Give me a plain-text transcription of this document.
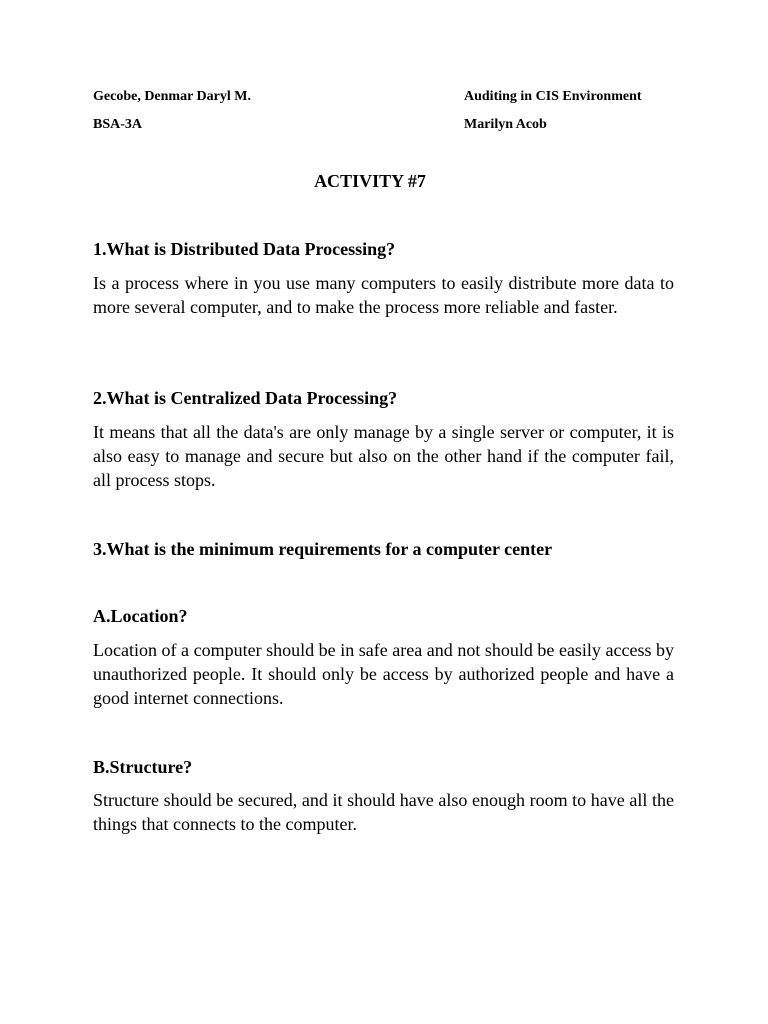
Gecobe, Denmar Daryl M.	Auditing in CIS Environment
BSA-3A	Marilyn Acob
ACTIVITY #7
1.What is Distributed Data Processing?
Is a process where in you use many computers to easily distribute more data to more several computer, and to make the process more reliable and faster.
2.What is Centralized Data Processing?
It means that all the data's are only manage by a single server or computer, it is also easy to manage and secure but also on the other hand if the computer fail, all process stops.
3.What is the minimum requirements for a computer center
A.Location?
Location of a computer should be in safe area and not should be easily access by unauthorized people. It should only be access by authorized people and have a good internet connections.
B.Structure?
Structure should be secured, and it should have also enough room to have all the things that connects to the computer.
